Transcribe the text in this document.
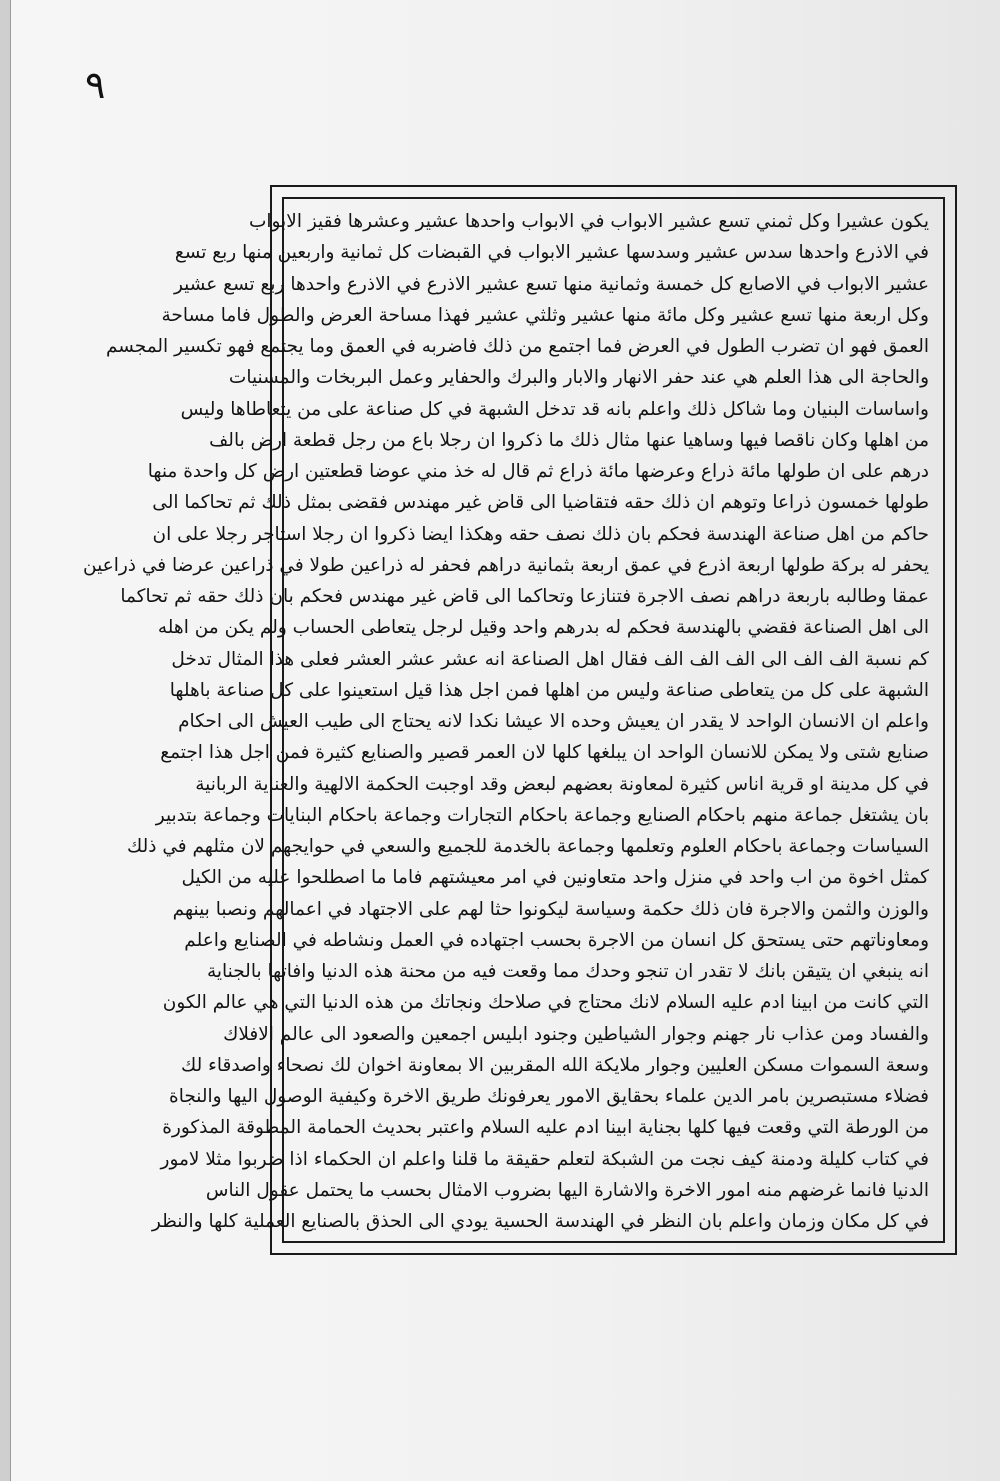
٩
يكون عشيرا وكل ثمني تسع عشير الابواب في الابواب واحدها عشير وعشرها فقيز الابواب
في الاذرع واحدها سدس عشير وسدسها عشير الابواب في القبضات كل ثمانية واربعين منها ربع تسع
عشير الابواب في الاصابع كل خمسة وثمانية منها تسع عشير الاذرع في الاذرع واحدها ربع تسع عشير
وكل اربعة منها تسع عشير وكل مائة منها عشير وثلثي عشير فهذا مساحة العرض والطول فاما مساحة
العمق فهو ان تضرب الطول في العرض فما اجتمع من ذلك فاضربه في العمق وما يجتمع فهو تكسير المجسم
والحاجة الى هذا العلم هي عند حفر الانهار والابار والبرك والحفاير وعمل البربخات والمسنيات
واساسات البنيان وما شاكل ذلك واعلم بانه قد تدخل الشبهة في كل صناعة على من يتعاطاها وليس
من اهلها وكان ناقصا فيها وساهيا عنها مثال ذلك ما ذكروا ان رجلا باع من رجل قطعة ارض بالف
درهم على ان طولها مائة ذراع وعرضها مائة ذراع ثم قال له خذ مني عوضا قطعتين ارض كل واحدة منها
طولها خمسون ذراعا وتوهم ان ذلك حقه فتقاضيا الى قاض غير مهندس فقضى بمثل ذلك ثم تحاكما الى
حاكم من اهل صناعة الهندسة فحكم بان ذلك نصف حقه وهكذا ايضا ذكروا ان رجلا استاجر رجلا على ان
يحفر له بركة طولها اربعة اذرع في عمق اربعة بثمانية دراهم فحفر له ذراعين طولا في ذراعين عرضا في ذراعين
عمقا وطالبه باربعة دراهم نصف الاجرة فتنازعا وتحاكما الى قاض غير مهندس فحكم بان ذلك حقه ثم تحاكما
الى اهل الصناعة فقضي بالهندسة فحكم له بدرهم واحد وقيل لرجل يتعاطى الحساب ولم يكن من اهله
كم نسبة الف الف الى الف الف الف فقال اهل الصناعة انه عشر عشر العشر فعلى هذا المثال تدخل
الشبهة على كل من يتعاطى صناعة وليس من اهلها فمن اجل هذا قيل استعينوا على كل صناعة باهلها
واعلم ان الانسان الواحد لا يقدر ان يعيش وحده الا عيشا نكدا لانه يحتاج الى طيب العيش الى احكام
صنايع شتى ولا يمكن للانسان الواحد ان يبلغها كلها لان العمر قصير والصنايع كثيرة فمن اجل هذا اجتمع
في كل مدينة او قرية اناس كثيرة لمعاونة بعضهم لبعض وقد اوجبت الحكمة الالهية والعناية الربانية
بان يشتغل جماعة منهم باحكام الصنايع وجماعة باحكام التجارات وجماعة باحكام البنايات وجماعة بتدبير
السياسات وجماعة باحكام العلوم وتعلمها وجماعة بالخدمة للجميع والسعي في حوايجهم لان مثلهم في ذلك
كمثل اخوة من اب واحد في منزل واحد متعاونين في امر معيشتهم فاما ما اصطلحوا عليه من الكيل
والوزن والثمن والاجرة فان ذلك حكمة وسياسة ليكونوا حثا لهم على الاجتهاد في اعمالهم ونصبا بينهم
ومعاوناتهم حتى يستحق كل انسان من الاجرة بحسب اجتهاده في العمل ونشاطه في الصنايع واعلم
انه ينبغي ان يتيقن بانك لا تقدر ان تنجو وحدك مما وقعت فيه من محنة هذه الدنيا وافاتها بالجناية
التي كانت من ابينا ادم عليه السلام لانك محتاج في صلاحك ونجاتك من هذه الدنيا التي هي عالم الكون
والفساد ومن عذاب نار جهنم وجوار الشياطين وجنود ابليس اجمعين والصعود الى عالم الافلاك
وسعة السموات مسكن العليين وجوار ملايكة الله المقربين الا بمعاونة اخوان لك نصحاء واصدقاء لك
فضلاء مستبصرين بامر الدين علماء بحقايق الامور يعرفونك طريق الاخرة وكيفية الوصول اليها والنجاة
من الورطة التي وقعت فيها كلها بجناية ابينا ادم عليه السلام واعتبر بحديث الحمامة المطوقة المذكورة
في كتاب كليلة ودمنة كيف نجت من الشبكة لتعلم حقيقة ما قلنا واعلم ان الحكماء اذا ضربوا مثلا لامور
الدنيا فانما غرضهم منه امور الاخرة والاشارة اليها بضروب الامثال بحسب ما يحتمل عقول الناس
في كل مكان وزمان واعلم بان النظر في الهندسة الحسية يودي الى الحذق بالصنايع العملية كلها والنظر
